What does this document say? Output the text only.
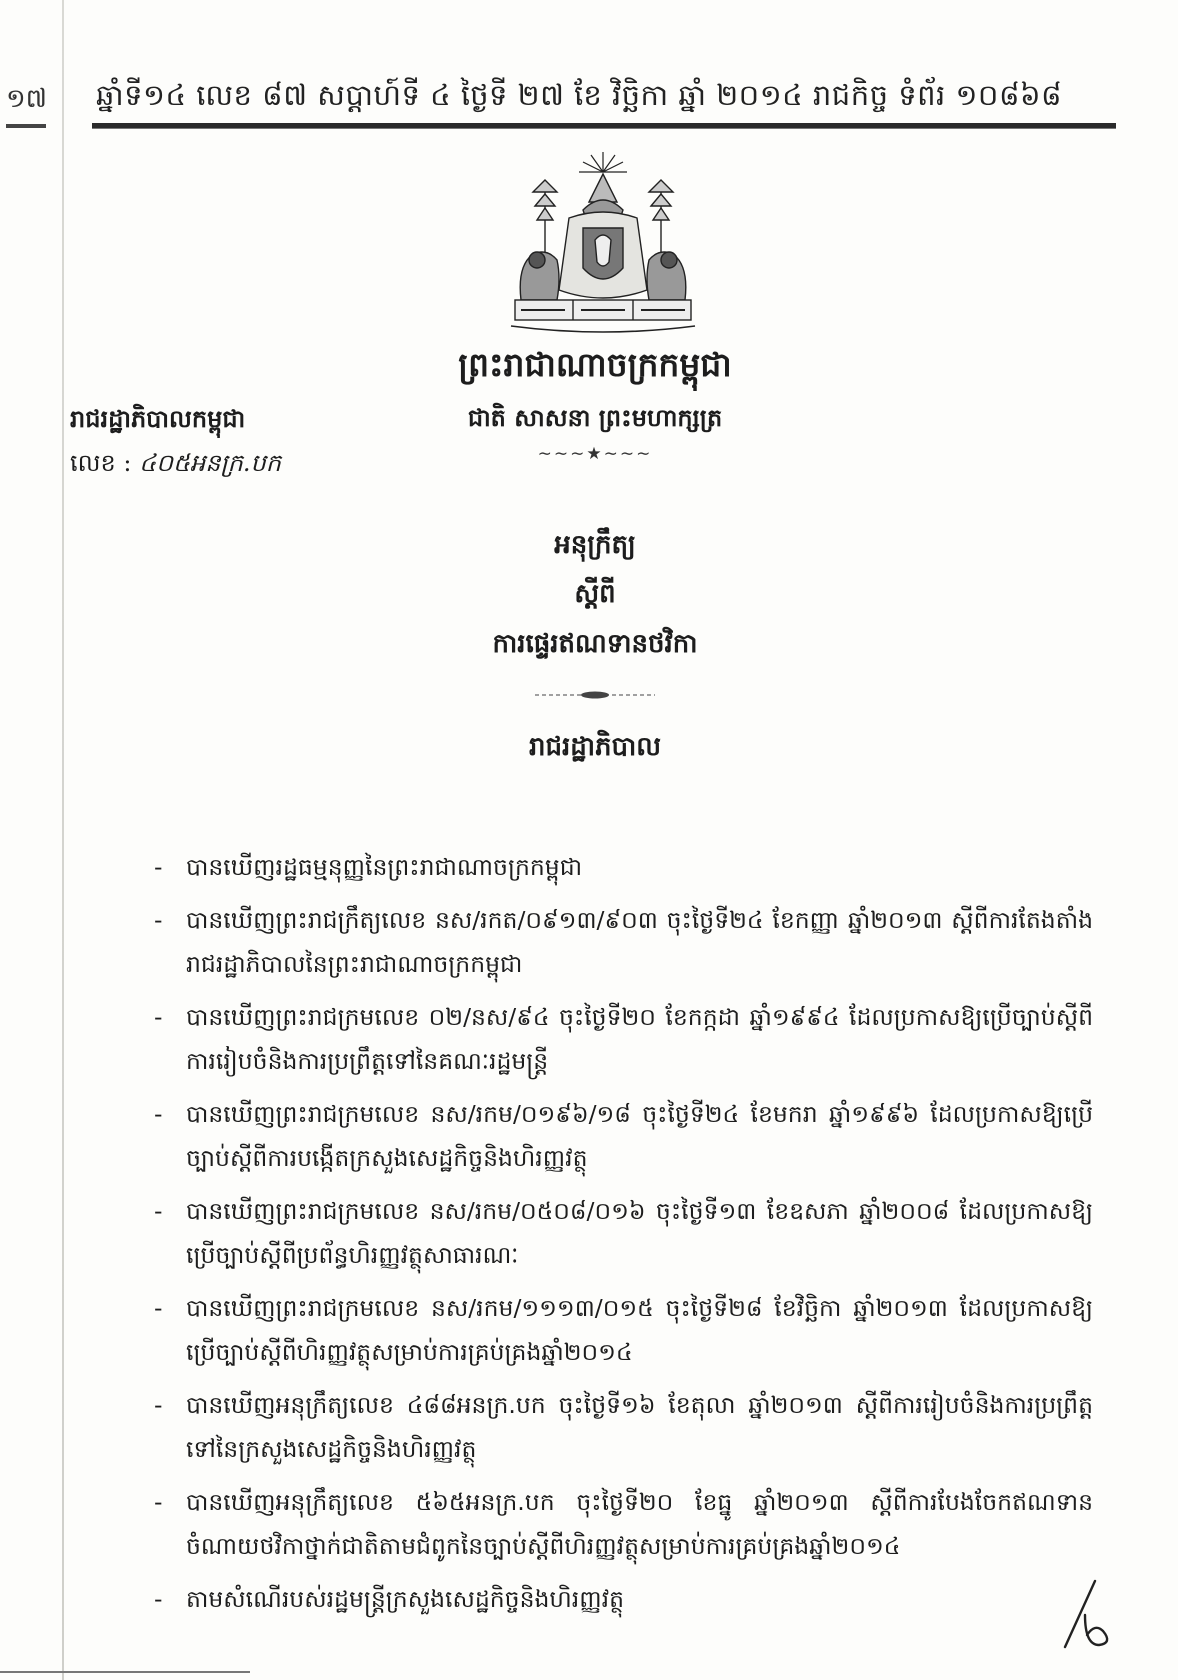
១៧ ឆ្នាំទី១៤ លេខ ៨៧ សប្តាហ៍ទី ៤ ថ្ងៃទី ២៧ ខែ វិច្ឆិកា ឆ្នាំ ២០១៤ រាជកិច្ច ទំព័រ ១០៨៦៨
ព្រះរាជាណាចក្រកម្ពុជា
ជាតិ សាសនា ព្រះមហាក្សត្រ
∼∼∼★∼∼∼
រាជរដ្ឋាភិបាលកម្ពុជា
លេខ : ៤០៥អនក្រ.បក
អនុក្រឹត្យ
ស្តីពី
ការផ្ទេរឥណទានថវិកា
រាជរដ្ឋាភិបាល
- បានឃើញរដ្ឋធម្មនុញ្ញនៃព្រះរាជាណាចក្រកម្ពុជា
- បានឃើញព្រះរាជក្រឹត្យលេខ នស/រកត/០៩១៣/៩០៣ ចុះថ្ងៃទី២៤ ខែកញ្ញា ឆ្នាំ២០១៣ ស្តីពីការតែងតាំងរាជរដ្ឋាភិបាលនៃព្រះរាជាណាចក្រកម្ពុជា
- បានឃើញព្រះរាជក្រមលេខ ០២/នស/៩៤ ចុះថ្ងៃទី២០ ខែកក្កដា ឆ្នាំ១៩៩៤ ដែលប្រកាសឱ្យប្រើច្បាប់ស្តីពីការរៀបចំនិងការប្រព្រឹត្តទៅនៃគណៈរដ្ឋមន្ត្រី
- បានឃើញព្រះរាជក្រមលេខ នស/រកម/០១៩៦/១៨ ចុះថ្ងៃទី២៤ ខែមករា ឆ្នាំ១៩៩៦ ដែលប្រកាសឱ្យប្រើច្បាប់ស្តីពីការបង្កើតក្រសួងសេដ្ឋកិច្ចនិងហិរញ្ញវត្ថុ
- បានឃើញព្រះរាជក្រមលេខ នស/រកម/០៥០៨/០១៦ ចុះថ្ងៃទី១៣ ខែឧសភា ឆ្នាំ២០០៨ ដែលប្រកាសឱ្យប្រើច្បាប់ស្តីពីប្រព័ន្ធហិរញ្ញវត្ថុសាធារណៈ
- បានឃើញព្រះរាជក្រមលេខ នស/រកម/១១១៣/០១៥ ចុះថ្ងៃទី២៨ ខែវិច្ឆិកា ឆ្នាំ២០១៣ ដែលប្រកាសឱ្យប្រើច្បាប់ស្តីពីហិរញ្ញវត្ថុសម្រាប់ការគ្រប់គ្រងឆ្នាំ២០១៤
- បានឃើញអនុក្រឹត្យលេខ ៤៨៨អនក្រ.បក ចុះថ្ងៃទី១៦ ខែតុលា ឆ្នាំ២០១៣ ស្តីពីការរៀបចំនិងការប្រព្រឹត្តទៅនៃក្រសួងសេដ្ឋកិច្ចនិងហិរញ្ញវត្ថុ
- បានឃើញអនុក្រឹត្យលេខ ៥៦៥អនក្រ.បក ចុះថ្ងៃទី២០ ខែធ្នូ ឆ្នាំ២០១៣ ស្តីពីការបែងចែកឥណទានចំណាយថវិកាថ្នាក់ជាតិតាមជំពូកនៃច្បាប់ស្តីពីហិរញ្ញវត្ថុសម្រាប់ការគ្រប់គ្រងឆ្នាំ២០១៤
- តាមសំណើរបស់រដ្ឋមន្ត្រីក្រសួងសេដ្ឋកិច្ចនិងហិរញ្ញវត្ថុ
